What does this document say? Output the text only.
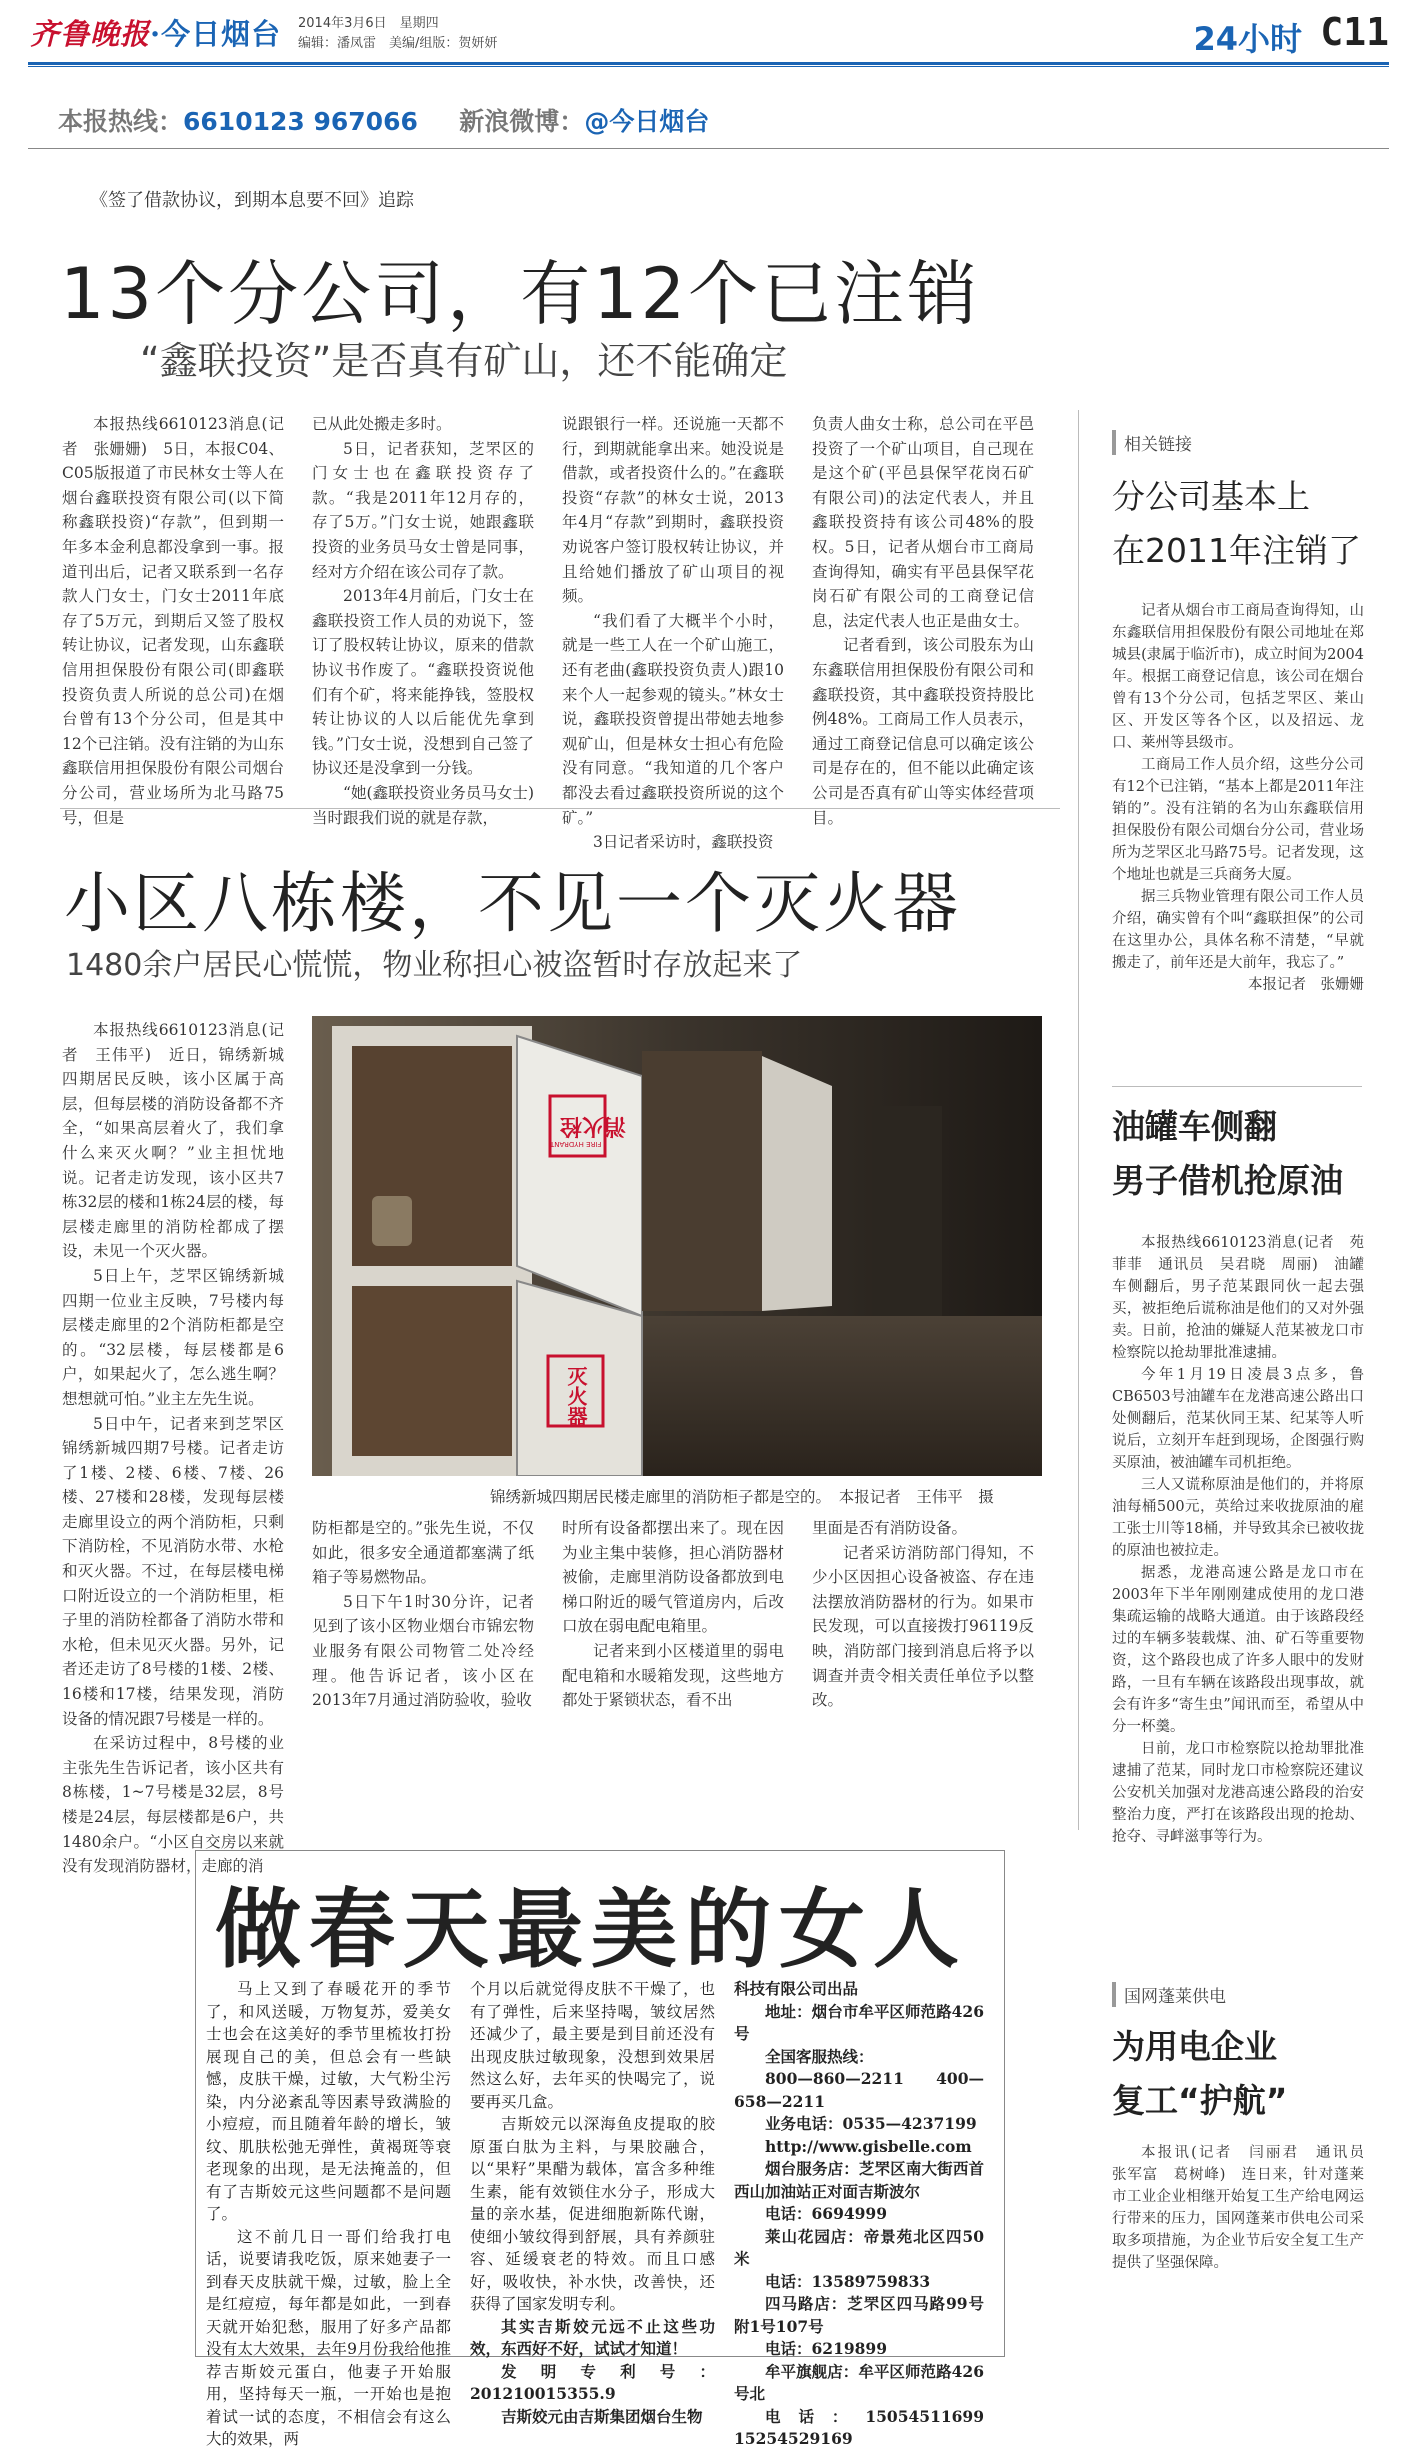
齐鲁晚报·今日烟台 2014年3月6日　星期四
编辑：潘凤雷　美编/组版：贺妍妍	24小时 C11
本报热线：6610123 967066 新浪微博：@今日烟台
《签了借款协议，到期本息要不回》追踪
13个分公司，有12个已注销
“鑫联投资”是否真有矿山，还不能确定

本报热线6610123消息(记者　张姗姗)　5日，本报C04、C05版报道了市民林女士等人在烟台鑫联投资有限公司(以下简称鑫联投资)“存款”，但到期一年多本金利息都没拿到一事。报道刊出后，记者又联系到一名存款人门女士，门女士2011年底存了5万元，到期后又签了股权转让协议，记者发现，山东鑫联信用担保股份有限公司(即鑫联投资负责人所说的总公司)在烟台曾有13个分公司，但是其中12个已注销。没有注销的为山东鑫联信用担保股份有限公司烟台分公司，营业场所为北马路75号，但是

已从此处搬走多时。

5日，记者获知，芝罘区的门女士也在鑫联投资存了款。“我是2011年12月存的，存了5万。”门女士说，她跟鑫联投资的业务员马女士曾是同事，经对方介绍在该公司存了款。

2013年4月前后，门女士在鑫联投资工作人员的劝说下，签订了股权转让协议，原来的借款协议书作废了。“鑫联投资说他们有个矿，将来能挣钱，签股权转让协议的人以后能优先拿到钱。”门女士说，没想到自己签了协议还是没拿到一分钱。

“她(鑫联投资业务员马女士)当时跟我们说的就是存款，

说跟银行一样。还说施一天都不行，到期就能拿出来。她没说是借款，或者投资什么的。”在鑫联投资“存款”的林女士说，2013年4月“存款”到期时，鑫联投资劝说客户签订股权转让协议，并且给她们播放了矿山项目的视频。

“我们看了大概半个小时，就是一些工人在一个矿山施工，还有老曲(鑫联投资负责人)跟10来个人一起参观的镜头。”林女士说，鑫联投资曾提出带她去地参观矿山，但是林女士担心有危险没有同意。“我知道的几个客户都没去看过鑫联投资所说的这个矿。”

3日记者采访时，鑫联投资

负责人曲女士称，总公司在平邑投资了一个矿山项目，自己现在是这个矿(平邑县保罕花岗石矿有限公司)的法定代表人，并且鑫联投资持有该公司48%的股权。5日，记者从烟台市工商局查询得知，确实有平邑县保罕花岗石矿有限公司的工商登记信息，法定代表人也正是曲女士。

记者看到，该公司股东为山东鑫联信用担保股份有限公司和鑫联投资，其中鑫联投资持股比例48%。工商局工作人员表示，通过工商登记信息可以确定该公司是存在的，但不能以此确定该公司是否真有矿山等实体经营项目。

相关链接
分公司基本上
在2011年注销了

记者从烟台市工商局查询得知，山东鑫联信用担保股份有限公司地址在郑城县(隶属于临沂市)，成立时间为2004年。根据工商登记信息，该公司在烟台曾有13个分公司，包括芝罘区、莱山区、开发区等各个区，以及招远、龙口、莱州等县级市。

工商局工作人员介绍，这些分公司有12个已注销，“基本上都是2011年注销的”。没有注销的名为山东鑫联信用担保股份有限公司烟台分公司，营业场所为芝罘区北马路75号。记者发现，这个地址也就是三兵商务大厦。

据三兵物业管理有限公司工作人员介绍，确实曾有个叫“鑫联担保”的公司在这里办公，具体名称不清楚，“早就搬走了，前年还是大前年，我忘了。”

本报记者　张姗姗

小区八栋楼，不见一个灭火器
1480余户居民心慌慌，物业称担心被盗暂时存放起来了

本报热线6610123消息(记者　王伟平)　近日，锦绣新城四期居民反映，该小区属于高层，但每层楼的消防设备都不齐全，“如果高层着火了，我们拿什么来灭火啊？”业主担忧地说。记者走访发现，该小区共7栋32层的楼和1栋24层的楼，每层楼走廊里的消防栓都成了摆设，未见一个灭火器。

5日上午，芝罘区锦绣新城四期一位业主反映，7号楼内每层楼走廊里的2个消防柜都是空的。“32层楼，每层楼都是6户，如果起火了，怎么逃生啊？想想就可怕。”业主左先生说。

5日中午，记者来到芝罘区锦绣新城四期7号楼。记者走访了1楼、2楼、6楼、7楼、26楼、27楼和28楼，发现每层楼走廊里设立的两个消防柜，只剩下消防栓，不见消防水带、水枪和灭火器。不过，在每层楼电梯口附近设立的一个消防柜里，柜子里的消防栓都备了消防水带和水枪，但未见灭火器。另外，记者还走访了8号楼的1楼、2楼、16楼和17楼，结果发现，消防设备的情况跟7号楼是一样的。

在采访过程中，8号楼的业主张先生告诉记者，该小区共有8栋楼，1~7号楼是32层，8号楼是24层，每层楼都是6户，共1480余户。“小区自交房以来就没有发现消防器材，走廊的消

消火栓
FIRE HYDRANT
灭火器
锦绣新城四期居民楼走廊里的消防柜子都是空的。　本报记者　王伟平　摄

防柜都是空的。”张先生说，不仅如此，很多安全通道都塞满了纸箱子等易燃物品。

5日下午1时30分许，记者见到了该小区物业烟台市锦宏物业服务有限公司物管二处冷经理。他告诉记者，该小区在2013年7月通过消防验收，验收

时所有设备都摆出来了。现在因为业主集中装修，担心消防器材被偷，走廊里消防设备都放到电梯口附近的暖气管道房内，后改口放在弱电配电箱里。

记者来到小区楼道里的弱电配电箱和水暖箱发现，这些地方都处于紧锁状态，看不出

里面是否有消防设备。

记者采访消防部门得知，不少小区因担心设备被盗、存在违法摆放消防器材的行为。如果市民发现，可以直接拨打96119反映，消防部门接到消息后将予以调查并责令相关责任单位予以整改。

油罐车侧翻
男子借机抢原油

本报热线6610123消息(记者　苑菲菲　通讯员　吴君晓　周丽)　油罐车侧翻后，男子范某跟同伙一起去强买，被拒绝后谎称油是他们的又对外强卖。日前，抢油的嫌疑人范某被龙口市检察院以抢劫罪批准逮捕。

今年1月19日凌晨3点多，鲁CB6503号油罐车在龙港高速公路出口处侧翻后，范某伙同王某、纪某等人听说后，立刻开车赶到现场，企图强行购买原油，被油罐车司机拒绝。

三人又谎称原油是他们的，并将原油每桶500元，英给过来收拢原油的雇工张士川等18桶，并导致其余已被收拢的原油也被拉走。

据悉，龙港高速公路是龙口市在2003年下半年刚刚建成使用的龙口港集疏运输的战略大通道。由于该路段经过的车辆多装载煤、油、矿石等重要物资，这个路段也成了许多人眼中的发财路，一旦有车辆在该路段出现事故，就会有许多“寄生虫”闻讯而至，希望从中分一杯羹。

日前，龙口市检察院以抢劫罪批准逮捕了范某，同时龙口市检察院还建议公安机关加强对龙港高速公路段的治安整治力度，严打在该路段出现的抢劫、抢夺、寻衅滋事等行为。

做春天最美的女人

马上又到了春暖花开的季节了，和风送暖，万物复苏，爱美女士也会在这美好的季节里梳妆打扮展现自己的美，但总会有一些缺憾，皮肤干燥，过敏，大气粉尘污染，内分泌紊乱等因素导致满脸的小痘痘，而且随着年龄的增长，皱纹、肌肤松弛无弹性，黄褐斑等衰老现象的出现，是无法掩盖的，但有了吉斯姣元这些问题都不是问题了。

这不前几日一哥们给我打电话，说要请我吃饭，原来她妻子一到春天皮肤就干燥，过敏，脸上全是红痘痘，每年都是如此，一到春天就开始犯愁，服用了好多产品都没有太大效果，去年9月份我给他推荐吉斯姣元蛋白，他妻子开始服用，坚持每天一瓶，一开始也是抱着试一试的态度，不相信会有这么大的效果，两

个月以后就觉得皮肤不干燥了，也有了弹性，后来坚持喝，皱纹居然还减少了，最主要是到目前还没有出现皮肤过敏现象，没想到效果居然这么好，去年买的快喝完了，说要再买几盒。

吉斯姣元以深海鱼皮提取的胶原蛋白肽为主料，与果胶融合，以“果籽”果醋为载体，富含多种维生素，能有效锁住水分子，形成大量的亲水基，促进细胞新陈代谢，使细小皱纹得到舒展，具有养颜驻容、延缓衰老的特效。而且口感好，吸收快，补水快，改善快，还获得了国家发明专利。

其实吉斯姣元远不止这些功效，东西好不好，试试才知道！

发明专利号：201210015355.9

吉斯姣元由吉斯集团烟台生物

科技有限公司出品

地址：烟台市牟平区师范路426号

全国客服热线：

800—860—2211　400—658—2211

业务电话：0535—4237199

http://www.gisbelle.com

烟台服务店：芝罘区南大街西首西山加油站正对面吉斯波尔

电话：6694999

莱山花园店：帝景苑北区四50米

电话：13589759833

四马路店：芝罘区四马路99号附1号107号

电话：6219899

牟平旗舰店：牟平区师范路426号北

电话：15054511699　15254529169

国网蓬莱供电
为用电企业
复工“护航”

本报讯(记者　闫丽君　通讯员　张军富　葛树峰)　连日来，针对蓬莱市工业企业相继开始复工生产给电网运行带来的压力，国网蓬莱市供电公司采取多项措施，为企业节后安全复工生产提供了坚强保障。
